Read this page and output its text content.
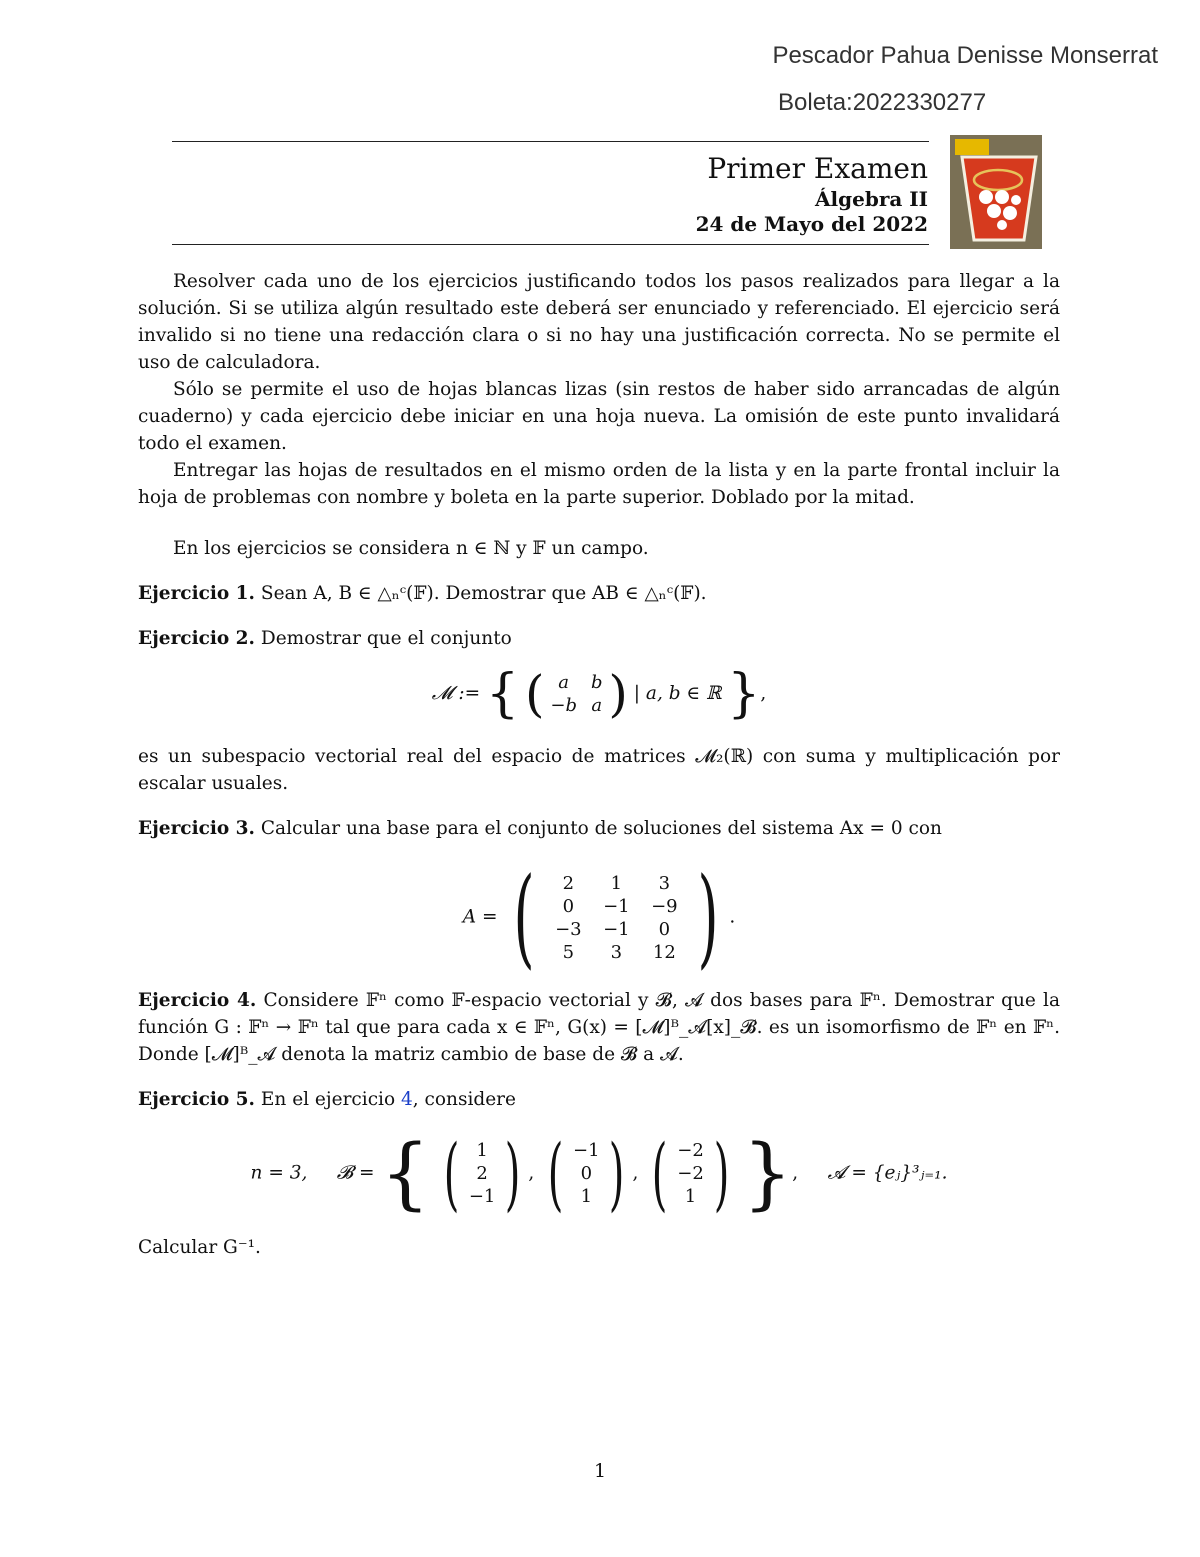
Pescador Pahua Denisse Monserrat
Boleta:2022330277
Primer Examen
Álgebra II
24 de Mayo del 2022
Resolver cada uno de los ejercicios justificando todos los pasos realizados para llegar a la solución. Si se utiliza algún resultado este deberá ser enunciado y referenciado. El ejercicio será invalido si no tiene una redacción clara o si no hay una justificación correcta. No se permite el uso de calculadora.
Sólo se permite el uso de hojas blancas lizas (sin restos de haber sido arrancadas de algún cuaderno) y cada ejercicio debe iniciar en una hoja nueva. La omisión de este punto invalidará todo el examen.
Entregar las hojas de resultados en el mismo orden de la lista y en la parte frontal incluir la hoja de problemas con nombre y boleta en la parte superior. Doblado por la mitad.
En los ejercicios se considera n ∈ ℕ y 𝔽 un campo.
Ejercicio 1. Sean A, B ∈ △ₙᶜ(𝔽). Demostrar que AB ∈ △ₙᶜ(𝔽).
Ejercicio 2. Demostrar que el conjunto
𝓜 := { ( a	b
−b a ) | a, b ∈ ℝ },
es un subespacio vectorial real del espacio de matrices 𝓜₂(ℝ) con suma y multiplicación por escalar usuales.
Ejercicio 3. Calcular una base para el conjunto de soluciones del sistema Ax = 0 con
A = (	2	1	3
0	−1 −9
−3 −1	0
5	3	12 ) .
Ejercicio 4. Considere 𝔽ⁿ como 𝔽-espacio vectorial y 𝓑, 𝓐 dos bases para 𝔽ⁿ. Demostrar que la función G : 𝔽ⁿ → 𝔽ⁿ tal que para cada x ∈ 𝔽ⁿ, G(x) = [𝓜]ᴮ_𝓐[x]_𝓑. es un isomorfismo de 𝔽ⁿ en 𝔽ⁿ. Donde [𝓜]ᴮ_𝓐 denota la matriz cambio de base de 𝓑 a 𝓐.
Ejercicio 5. En el ejercicio 4, considere
n = 3, 𝓑 = { ( 1
2
−1 ) , ( −1
0
1 ) , ( −2
−2
1 ) },     𝓐 = {eⱼ}³ⱼ₌₁.
Calcular G⁻¹.
1
